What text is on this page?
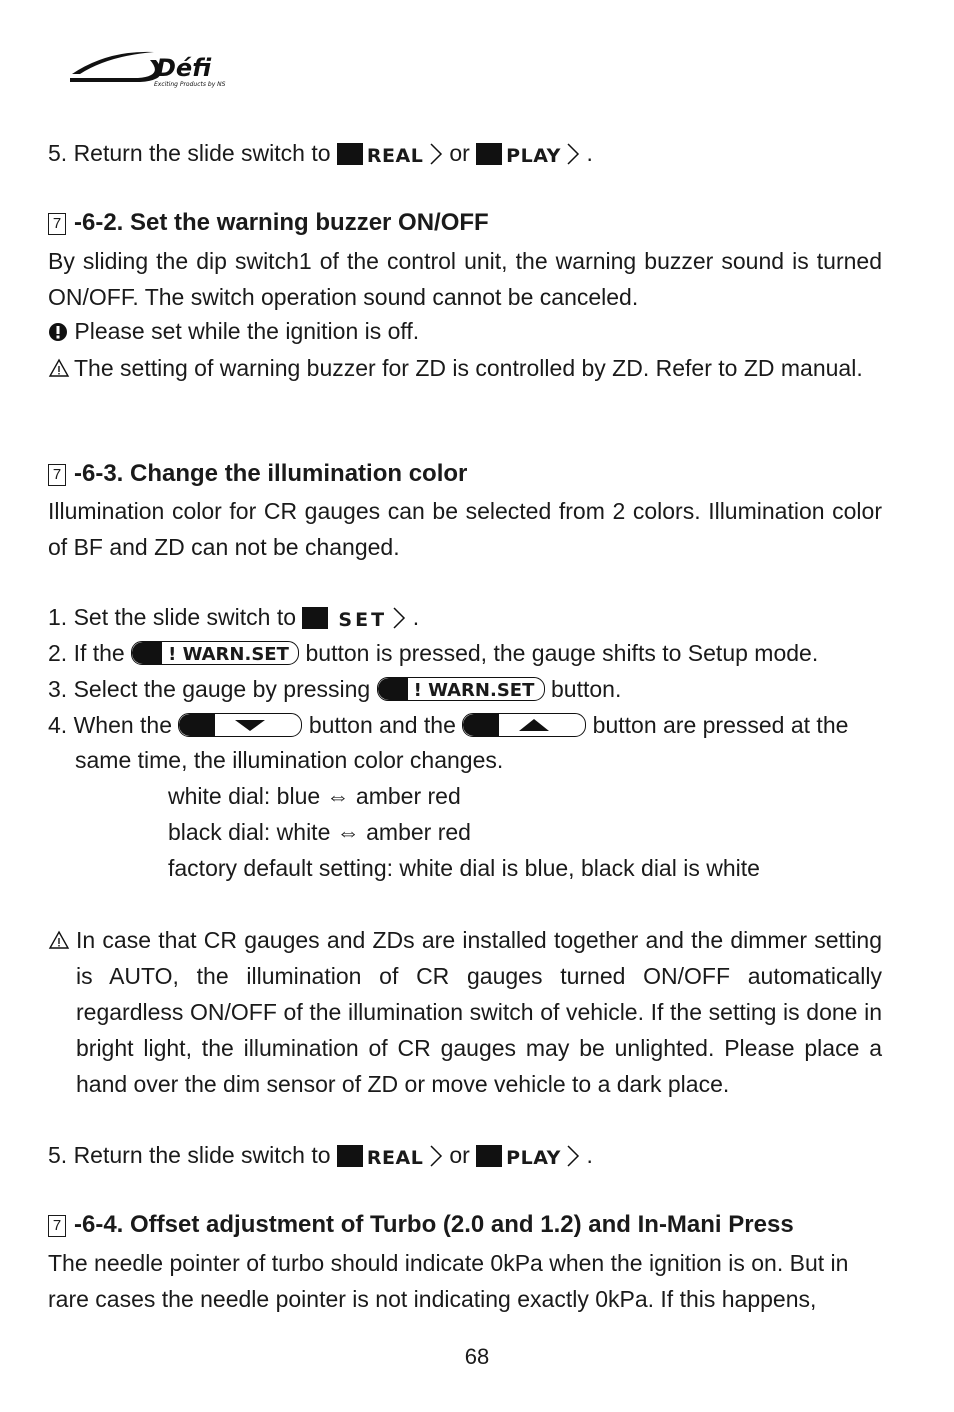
Défi
Exciting Products by NS
5. Return the slide switch to REAL or PLAY .
7 -6-2. Set the warning buzzer ON/OFF
By sliding the dip switch1 of the control unit, the warning buzzer sound is turned ON/OFF. The switch operation sound cannot be canceled.
Please set while the ignition is off.
The setting of warning buzzer for ZD is controlled by ZD. Refer to ZD manual.
7 -6-3. Change the illumination color
Illumination color for CR gauges can be selected from 2 colors. Illumination color of BF and ZD can not be changed.
1. Set the slide switch to SET .
2. If the ! WARN.SET button is pressed, the gauge shifts to Setup mode.
3. Select the gauge by pressing ! WARN.SET button.
4. When the	button and the	button are pressed at the
same time, the illumination color changes.
white dial: blue ⇔ amber red
black dial: white ⇔ amber red
factory default setting: white dial is blue, black dial is white
In case that CR gauges and ZDs are installed together and the dimmer setting is AUTO, the illumination of CR gauges turned ON/OFF automatically regardless ON/OFF of the illumination switch of vehicle. If the setting is done in bright light, the illumination of CR gauges may be unlighted. Please place a hand over the dim sensor of ZD or move vehicle to a dark place.
5. Return the slide switch to REAL or PLAY .
7 -6-4. Offset adjustment of Turbo (2.0 and 1.2) and In-Mani Press
The needle pointer of turbo should indicate 0kPa when the ignition is on. But in rare cases the needle pointer is not indicating exactly 0kPa. If this happens,
68
